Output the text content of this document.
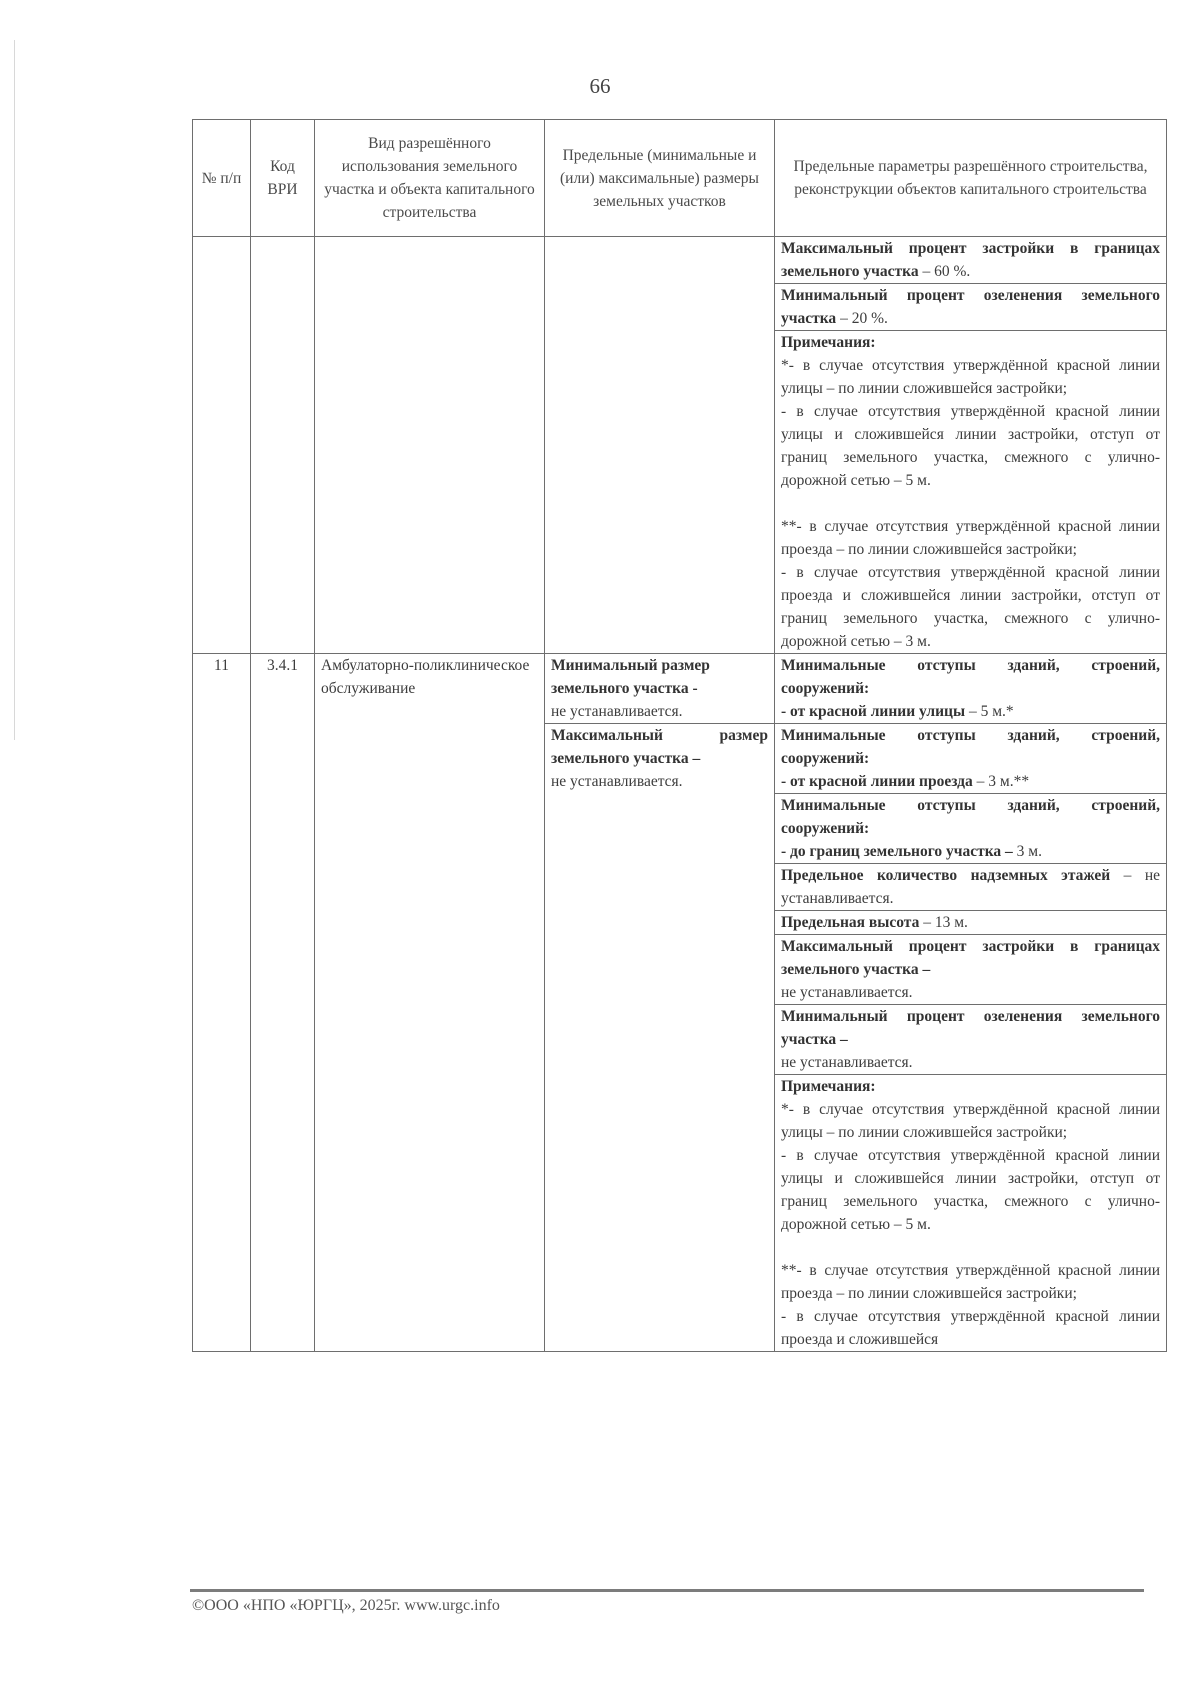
66
№ п/п	Код ВРИ	Вид разрешённого использования земельного участка и объекта капитального строительства	Предельные (минимальные и (или) максимальные) размеры земельных участков	Предельные параметры разрешённого строительства, реконструкции объектов капитального строительства
				Максимальный процент застройки в границах земельного участка – 60 %.
				Минимальный процент озеленения земельного участка – 20 %.

				Примечания:
*- в случае отсутствия утверждённой красной линии улицы – по линии сложившейся застройки;
- в случае отсутствия утверждённой красной линии улицы и сложившейся линии застройки, отступ от границ земельного участка, смежного с улично-дорожной сетью – 5 м.
**- в случае отсутствия утверждённой красной линии проезда – по линии сложившейся застройки;
- в случае отсутствия утверждённой красной линии проезда и сложившейся линии застройки, отступ от границ земельного участка, смежного с улично-дорожной сетью – 3 м.

11	3.4.1	Амбулаторно-поликлиническое обслуживание	Минимальный размер земельного участка -
не устанавливается.	Минимальные отступы зданий, строений, сооружений:
- от красной линии улицы – 5 м.*
			Максимальный размер земельного участка –
не устанавливается.	Минимальные отступы зданий, строений, сооружений:
- от красной линии проезда – 3 м.**
				Минимальные отступы зданий, строений, сооружений:
- до границ земельного участка – 3 м.
				Предельное количество надземных этажей – не устанавливается.
				Предельная высота – 13 м.
				Максимальный процент застройки в границах земельного участка –
не устанавливается.
				Минимальный процент озеленения земельного участка –
не устанавливается.

				Примечания:
*- в случае отсутствия утверждённой красной линии улицы – по линии сложившейся застройки;
- в случае отсутствия утверждённой красной линии улицы и сложившейся линии застройки, отступ от границ земельного участка, смежного с улично-дорожной сетью – 5 м.
**- в случае отсутствия утверждённой красной линии проезда – по линии сложившейся застройки;
- в случае отсутствия утверждённой красной линии проезда и сложившейся
©ООО «НПО «ЮРГЦ», 2025г. www.urgc.info
